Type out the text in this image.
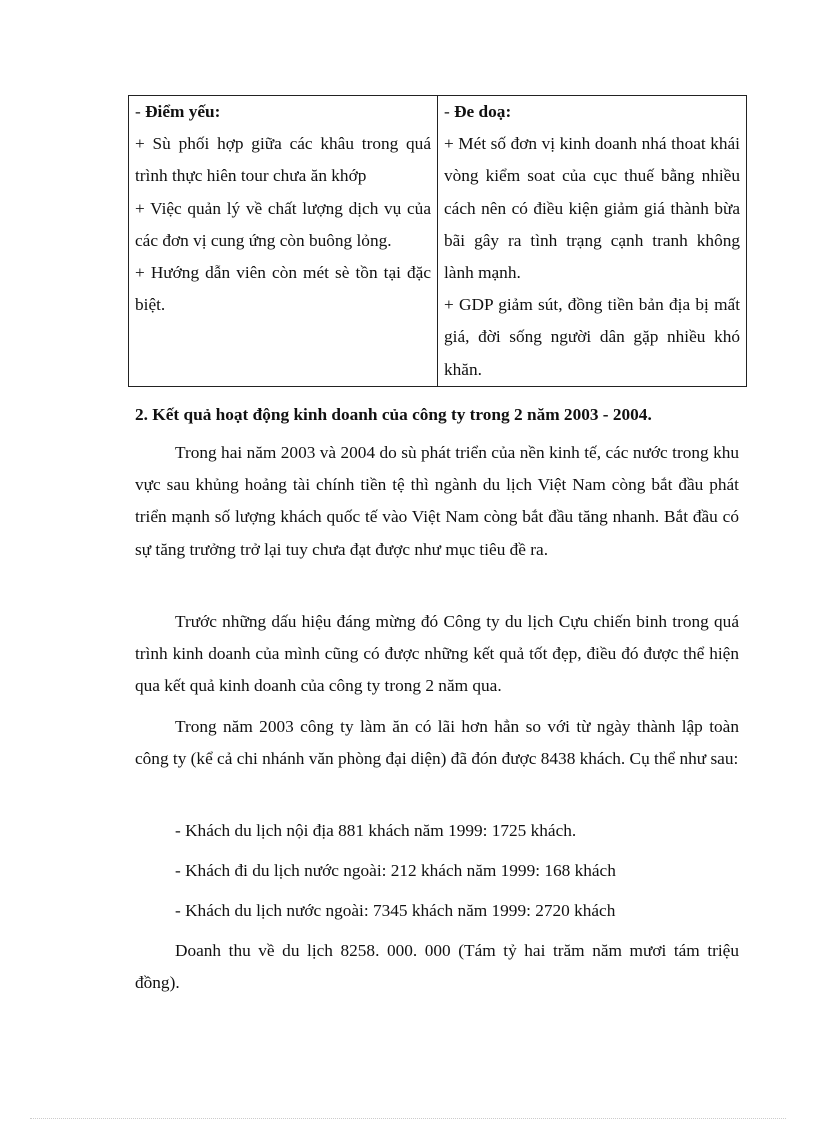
- Điểm yếu:
+ Sù phối hợp giữa các khâu trong quá trình thực hiên tour chưa ăn khớp
+ Việc quản lý về chất lượng dịch vụ của các đơn vị cung ứng còn buông lỏng.
+ Hướng dẫn viên còn mét sè tồn tại đặc biệt.
	- Đe doạ:
+ Mét số đơn vị kinh doanh nhá thoat khái vòng kiểm soat của cục thuế bằng nhiều cách nên có điều kiện giảm giá thành bừa bãi gây ra tình trạng cạnh tranh không lành mạnh.
+ GDP giảm sút, đồng tiền bản địa bị mất giá, đời sống người dân gặp nhiều khó khăn.
2. Kết quả hoạt động kinh doanh của công ty trong 2 năm 2003 - 2004.

Trong hai năm 2003 và 2004 do sù phát triển của nền kinh tế, các nước trong khu vực sau khủng hoảng tài chính tiền tệ thì ngành du lịch Việt Nam còng bắt đầu phát triển mạnh số lượng khách quốc tế vào Việt Nam còng bắt đầu tăng nhanh. Bắt đầu có sự tăng trưởng trở lại tuy chưa đạt được như mục tiêu đề ra.

Trước những dấu hiệu đáng mừng đó Công ty du lịch Cựu chiến binh trong quá trình kinh doanh của mình cũng có được những kết quả tốt đẹp, điều đó được thể hiện qua kết quả kinh doanh của công ty trong 2 năm qua.

Trong năm 2003 công ty làm ăn có lãi hơn hẳn so với từ ngày thành lập toàn công ty (kể cả chi nhánh văn phòng đại diện) đã đón được 8438 khách. Cụ thể như sau:

- Khách du lịch nội địa 881 khách năm 1999: 1725 khách.

- Khách đi du lịch nước ngoài: 212 khách năm 1999: 168 khách

- Khách du lịch nước ngoài: 7345 khách năm 1999: 2720 khách

Doanh thu về du lịch 8258. 000. 000 (Tám tỷ hai trăm năm mươi tám triệu đồng).
